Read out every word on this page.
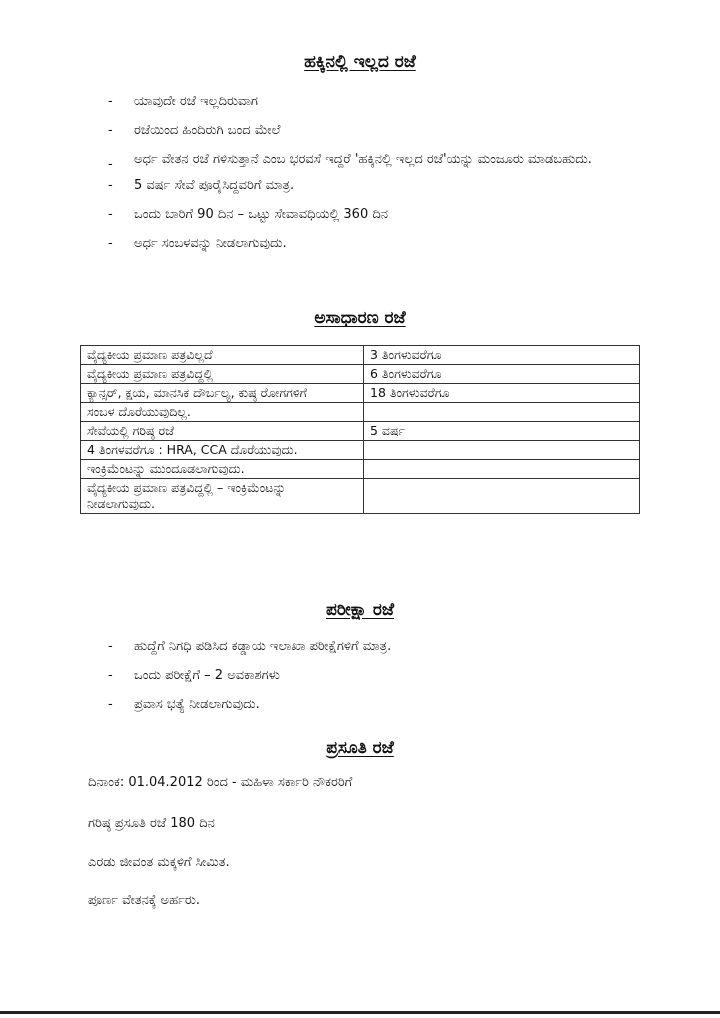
ಹಕ್ಕಿನಲ್ಲಿ ಇಲ್ಲದ ರಜೆ
-	ಯಾವುದೇ ರಜೆ ಇಲ್ಲದಿರುವಾಗ
-	ರಜೆಯಿಂದ ಹಿಂದಿರುಗಿ ಬಂದ ಮೇಲೆ
-	ಅರ್ಧ ವೇತನ ರಜೆ ಗಳಿಸುತ್ತಾನೆ ಎಂಬ ಭರವಸೆ ಇದ್ದರೆ 'ಹಕ್ಕಿನಲ್ಲಿ ಇಲ್ಲದ ರಜೆ'ಯನ್ನು ಮಂಜೂರು ಮಾಡಬಹುದು.
-	5 ವರ್ಷ ಸೇವೆ ಪೂರೈಸಿದ್ದವರಿಗೆ ಮಾತ್ರ.
-	ಒಂದು ಬಾರಿಗೆ 90 ದಿನ – ಒಟ್ಟು ಸೇವಾವಧಿಯಲ್ಲಿ 360 ದಿನ
-	ಅರ್ಧ ಸಂಬಳವನ್ನು ನೀಡಲಾಗುವುದು.
ಅಸಾಧಾರಣ ರಜೆ
ವೈದ್ಯಕೀಯ ಪ್ರಮಾಣ ಪತ್ರವಿಲ್ಲದೆ	3 ತಿಂಗಳುವರೆಗೂ
ವೈದ್ಯಕೀಯ ಪ್ರಮಾಣ ಪತ್ರವಿದ್ದಲ್ಲಿ	6 ತಿಂಗಳುವರೆಗೂ
ಕ್ಯಾನ್ಸರ್, ಕ್ಷಯ, ಮಾನಸಿಕ ದೌರ್ಬಲ್ಯ, ಕುಷ್ಠ ರೋಗಗಳಿಗೆ	18 ತಿಂಗಳುವರೆಗೂ
ಸಂಬಳ ದೊರೆಯುವುದಿಲ್ಲ.	
ಸೇವೆಯಲ್ಲಿ ಗರಿಷ್ಠ ರಜೆ	5 ವರ್ಷ
4 ತಿಂಗಳವರೆಗೂ : HRA, CCA ದೊರೆಯುವುದು.	
ಇಂಕ್ರಿಮೆಂಟನ್ನು ಮುಂದೂಡಲಾಗುವುದು.	
ವೈದ್ಯಕೀಯ ಪ್ರಮಾಣ ಪತ್ರವಿದ್ದಲ್ಲಿ – ಇಂಕ್ರಿಮೆಂಟನ್ನು ನೀಡಲಾಗುವುದು.	
ಪರೀಕ್ಷಾ ರಜೆ
-	ಹುದ್ದೆಗೆ ನಿಗಧಿ ಪಡಿಸಿದ ಕಡ್ಡಾಯ ಇಲಾಖಾ ಪರೀಕ್ಷೆಗಳಿಗೆ ಮಾತ್ರ.
-	ಒಂದು ಪರೀಕ್ಷೆಗೆ – 2 ಅವಕಾಶಗಳು
-	ಪ್ರವಾಸ ಭತ್ಯೆ ನೀಡಲಾಗುವುದು.
ಪ್ರಸೂತಿ ರಜೆ

ದಿನಾಂಕ: 01.04.2012 ರಿಂದ - ಮಹಿಳಾ ಸರ್ಕಾರಿ ನೌಕರರಿಗೆ

ಗರಿಷ್ಠ ಪ್ರಸೂತಿ ರಜೆ 180 ದಿನ

ಎರಡು ಜೀವಂತ ಮಕ್ಕಳಿಗೆ ಸೀಮಿತ.

ಪೂರ್ಣ ವೇತನಕ್ಕೆ ಅರ್ಹರು.
